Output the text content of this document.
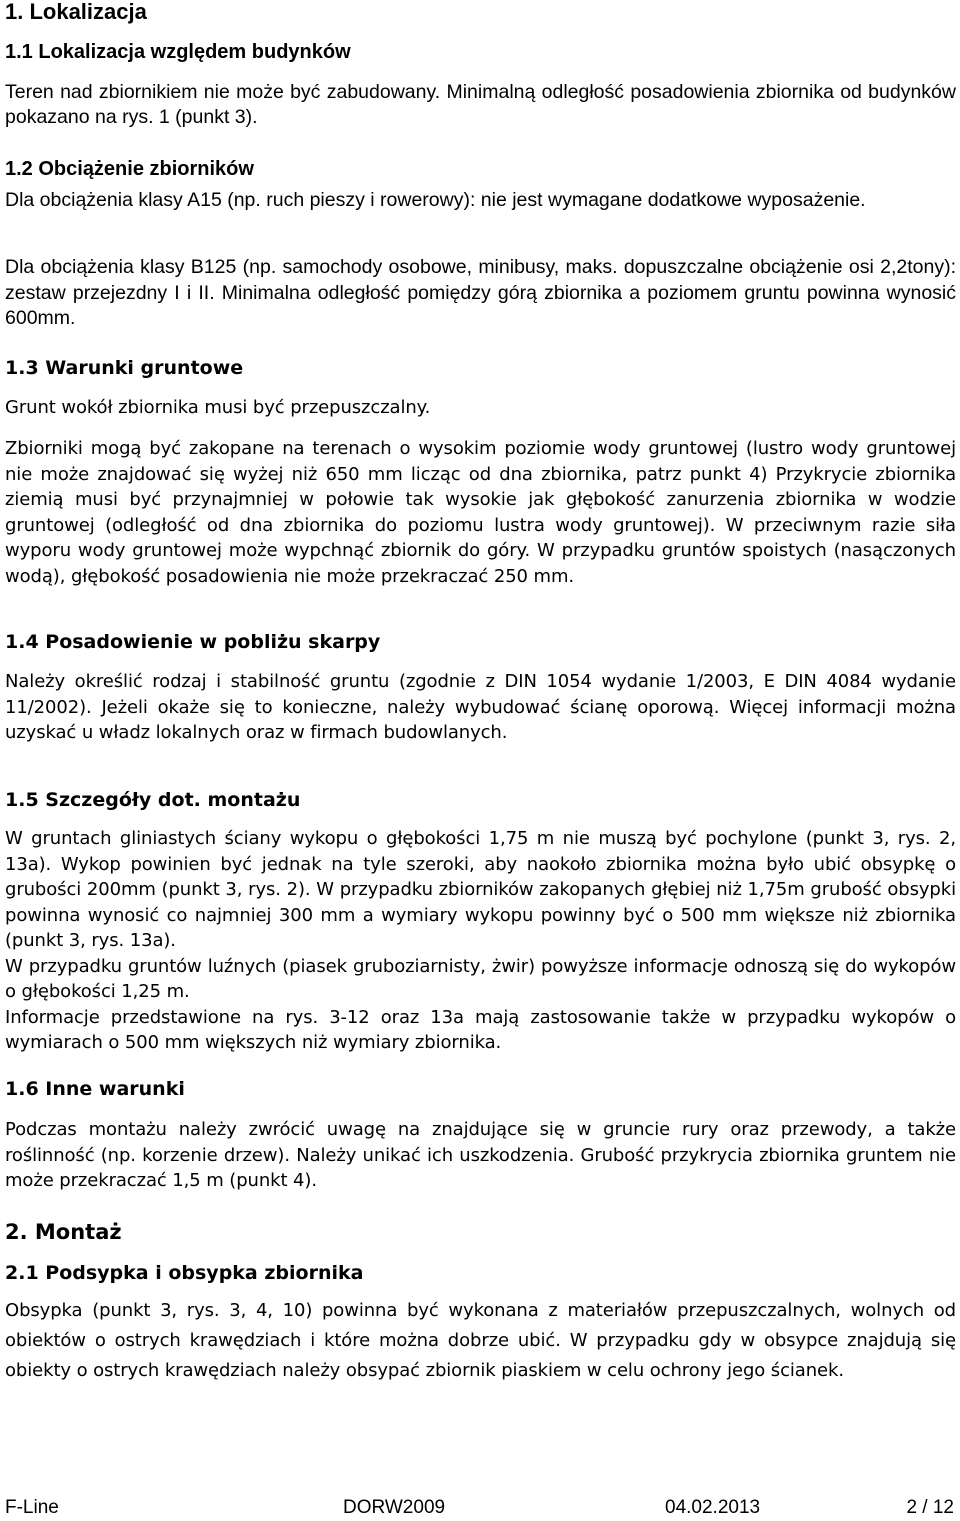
1. Lokalizacja

1.1 Lokalizacja względem budynków

Teren nad zbiornikiem nie może być zabudowany. Minimalną odległość posadowienia zbiornika od budynków pokazano na rys. 1 (punkt 3).

1.2 Obciążenie zbiorników

Dla obciążenia klasy A15 (np. ruch pieszy i rowerowy): nie jest wymagane dodatkowe wyposażenie.

Dla obciążenia klasy B125 (np. samochody osobowe, minibusy, maks. dopuszczalne obciążenie osi 2,2tony): zestaw przejezdny I i II. Minimalna odległość pomiędzy górą zbiornika a poziomem gruntu powinna wynosić 600mm.

1.3 Warunki gruntowe

Grunt wokół zbiornika musi być przepuszczalny.

Zbiorniki mogą być zakopane na terenach o wysokim poziomie wody gruntowej (lustro wody gruntowej nie może znajdować się wyżej niż 650 mm licząc od dna zbiornika, patrz punkt 4) Przykrycie zbiornika ziemią musi być przynajmniej w połowie tak wysokie jak głębokość zanurzenia zbiornika w wodzie gruntowej (odległość od dna zbiornika do poziomu lustra wody gruntowej). W przeciwnym razie siła wyporu wody gruntowej może wypchnąć zbiornik do góry. W przypadku gruntów spoistych (nasączonych wodą), głębokość posadowienia nie może przekraczać 250 mm.

1.4 Posadowienie w pobliżu skarpy

Należy określić rodzaj i stabilność gruntu (zgodnie z DIN 1054 wydanie 1/2003, E DIN 4084 wydanie 11/2002). Jeżeli okaże się to konieczne, należy wybudować ścianę oporową. Więcej informacji można uzyskać u władz lokalnych oraz w firmach budowlanych.

1.5 Szczegóły dot. montażu

W gruntach gliniastych ściany wykopu o głębokości 1,75 m nie muszą być pochylone (punkt 3, rys. 2, 13a). Wykop powinien być jednak na tyle szeroki, aby naokoło zbiornika można było ubić obsypkę o grubości 200mm (punkt 3, rys. 2). W przypadku zbiorników zakopanych głębiej niż 1,75m grubość obsypki powinna wynosić co najmniej 300 mm a wymiary wykopu powinny być o 500 mm większe niż zbiornika (punkt 3, rys. 13a).

W przypadku gruntów luźnych (piasek gruboziarnisty, żwir) powyższe informacje odnoszą się do wykopów o głębokości 1,25 m.

Informacje przedstawione na rys. 3-12 oraz 13a mają zastosowanie także w przypadku wykopów o wymiarach o 500 mm większych niż wymiary zbiornika.

1.6 Inne warunki

Podczas montażu należy zwrócić uwagę na znajdujące się w gruncie rury oraz przewody, a także roślinność (np. korzenie drzew). Należy unikać ich uszkodzenia. Grubość przykrycia zbiornika gruntem nie może przekraczać 1,5 m (punkt 4).

2. Montaż

2.1 Podsypka i obsypka zbiornika

Obsypka (punkt 3, rys. 3, 4, 10) powinna być wykonana z materiałów przepuszczalnych, wolnych od obiektów o ostrych krawędziach i które można dobrze ubić. W przypadku gdy w obsypce znajdują się obiekty o ostrych krawędziach należy obsypać zbiornik piaskiem w celu ochrony jego ścianek.

F-Line	DORW2009	04.02.2013	2 / 12
